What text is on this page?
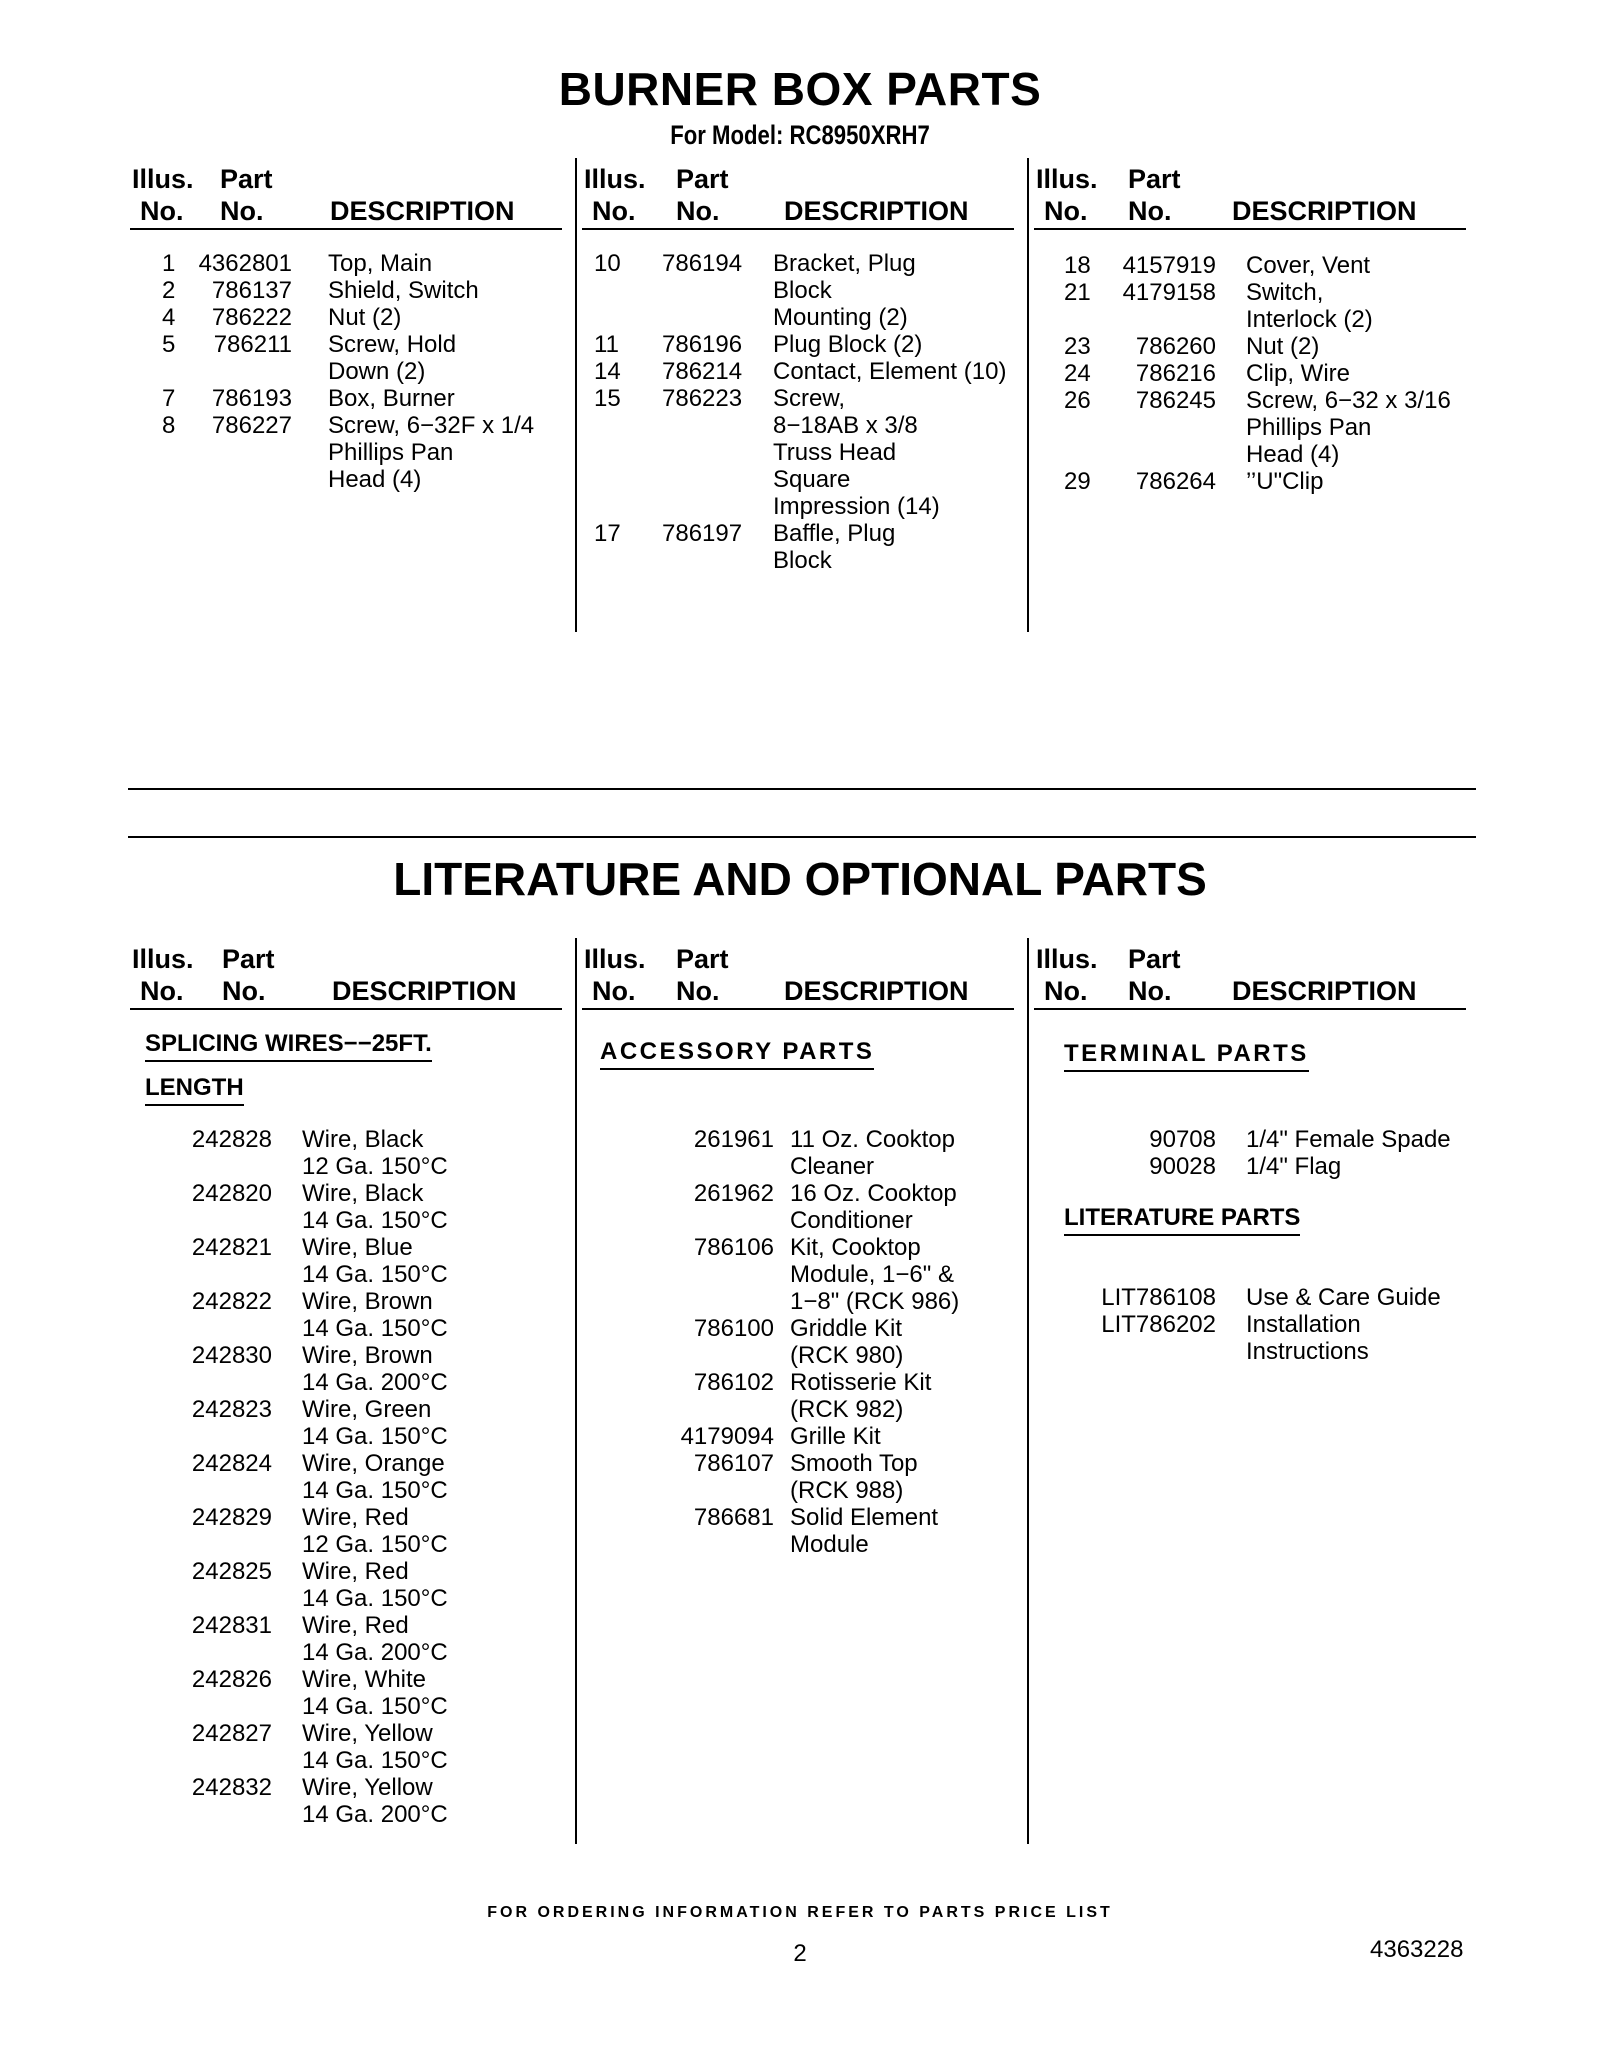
BURNER BOX PARTS
For Model: RC8950XRH7
Illus.
No.
Part
No. DESCRIPTION
1 4362801 Top, Main
2 786137 Shield, Switch
4 786222 Nut (2)
5 786211 Screw, Hold
Down (2)
7 786193 Box, Burner
8 786227 Screw, 6−32F x 1/4
Phillips Pan
Head (4)
Illus.
No.
Part
No. DESCRIPTION
10 786194 Bracket, Plug
Block
Mounting (2)
11 786196 Plug Block (2)
14 786214 Contact, Element (10)
15 786223 Screw,
8−18AB x 3/8
Truss Head
Square
Impression (14)
17 786197 Baffle, Plug
Block
Illus.
No.
Part
No. DESCRIPTION
18 4157919 Cover, Vent
21 4179158 Switch,
Interlock (2)
23 786260 Nut (2)
24 786216 Clip, Wire
26 786245 Screw, 6−32 x 3/16
Phillips Pan
Head (4)
29 786264 ’’U"Clip
LITERATURE AND OPTIONAL PARTS
Illus.
No.
Part
No. DESCRIPTION
SPLICING WIRES−−25FT.
LENGTH
242828 Wire, Black
12 Ga. 150°C
242820 Wire, Black
14 Ga. 150°C
242821 Wire, Blue
14 Ga. 150°C
242822 Wire, Brown
14 Ga. 150°C
242830 Wire, Brown
14 Ga. 200°C
242823 Wire, Green
14 Ga. 150°C
242824 Wire, Orange
14 Ga. 150°C
242829 Wire, Red
12 Ga. 150°C
242825 Wire, Red
14 Ga. 150°C
242831 Wire, Red
14 Ga. 200°C
242826 Wire, White
14 Ga. 150°C
242827 Wire, Yellow
14 Ga. 150°C
242832 Wire, Yellow
14 Ga. 200°C
Illus.
No.
Part
No. DESCRIPTION
ACCESSORY PARTS
261961 11 Oz. Cooktop
Cleaner
261962 16 Oz. Cooktop
Conditioner
786106 Kit, Cooktop
Module, 1−6" &
1−8" (RCK 986)
786100 Griddle Kit
(RCK 980)
786102 Rotisserie Kit
(RCK 982)
4179094 Grille Kit
786107 Smooth Top
(RCK 988)
786681 Solid Element
Module
Illus.
No.
Part
No. DESCRIPTION
TERMINAL PARTS
90708 1/4" Female Spade
90028 1/4" Flag
LITERATURE PARTS
LIT786108 Use & Care Guide
LIT786202 Installation
Instructions
FOR ORDERING INFORMATION REFER TO PARTS PRICE LIST
2	4363228
